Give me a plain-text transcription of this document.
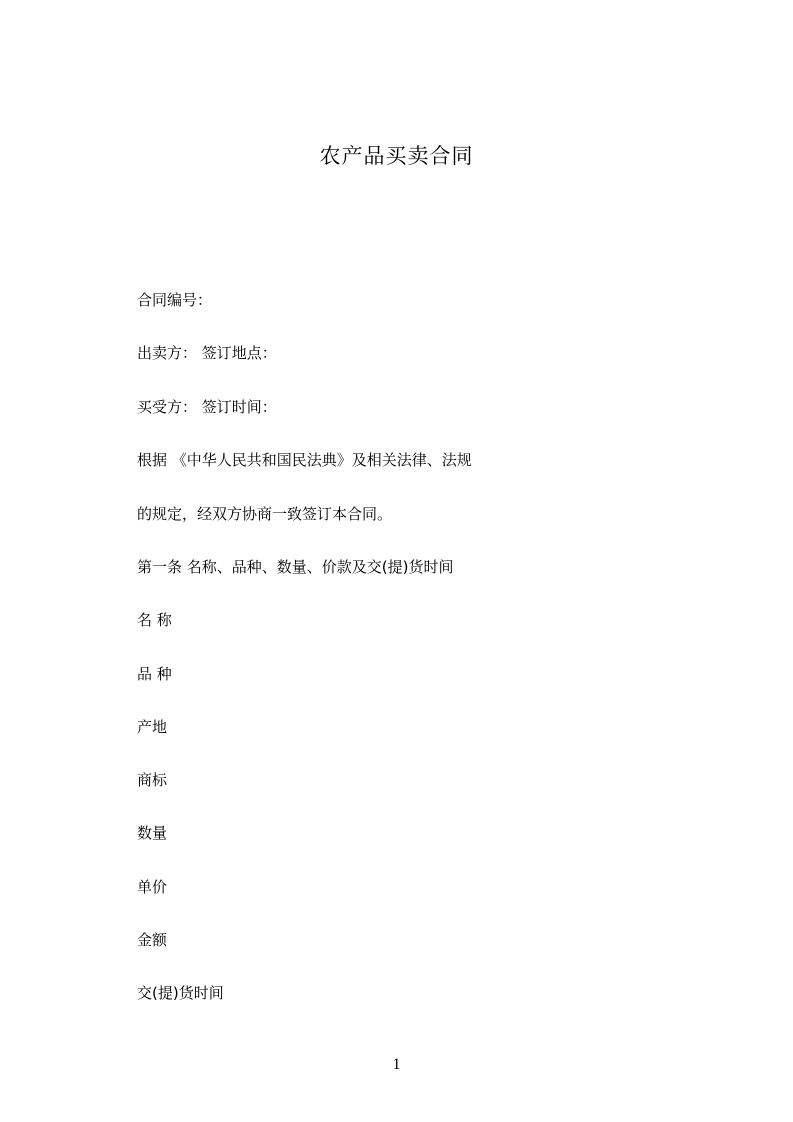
农产品买卖合同
合同编号：
出卖方： 签订地点：
买受方： 签订时间：
根据 《中华人民共和国民法典》及相关法律、法规
的规定，经双方协商一致签订本合同。
第一条 名称、品种、数量、价款及交(提)货时间
名 称
品 种
产地
商标
数量
单价
金额
交(提)货时间
1
